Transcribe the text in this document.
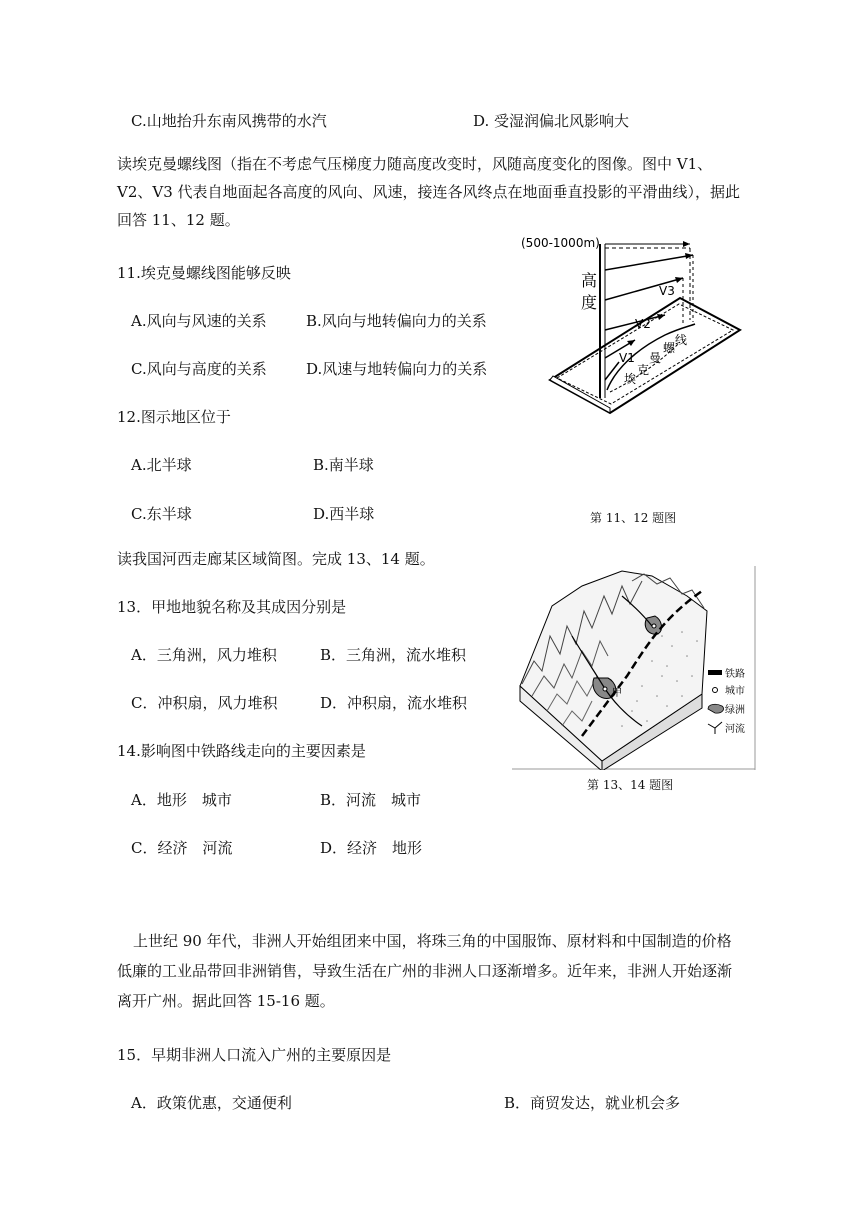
C.山地抬升东南风携带的水汽	D. 受湿润偏北风影响大
读埃克曼螺线图（指在不考虑气压梯度力随高度改变时，风随高度变化的图像。图中 V1、V2、V3 代表自地面起各高度的风向、风速，接连各风终点在地面垂直投影的平滑曲线），据此回答 11、12 题。
11.埃克曼螺线图能够反映
A.风向与风速的关系	B.风向与地转偏向力的关系
C.风向与高度的关系	D.风速与地转偏向力的关系
12.图示地区位于
A.北半球	B.南半球
C.东半球	D.西半球
(500-1000m)
高
度
V3
V2
V1
埃
克
曼
螺
线
第 11、12 题图
读我国河西走廊某区域简图。完成 13、14 题。
13．甲地地貌名称及其成因分别是
A．三角洲，风力堆积	B．三角洲，流水堆积
C．冲积扇，风力堆积	D．冲积扇，流水堆积
14.影响图中铁路线走向的主要因素是
A．地形　城市	B．河流　城市
C．经济　河流	D．经济　地形
甲
铁路
城市
绿洲
河流
第 13、14 题图
上世纪 90 年代，非洲人开始组团来中国，将珠三角的中国服饰、原材料和中国制造的价格低廉的工业品带回非洲销售，导致生活在广州的非洲人口逐渐增多。近年来，非洲人开始逐渐离开广州。据此回答 15-16 题。
15．早期非洲人口流入广州的主要原因是
A．政策优惠，交通便利	B．商贸发达，就业机会多
